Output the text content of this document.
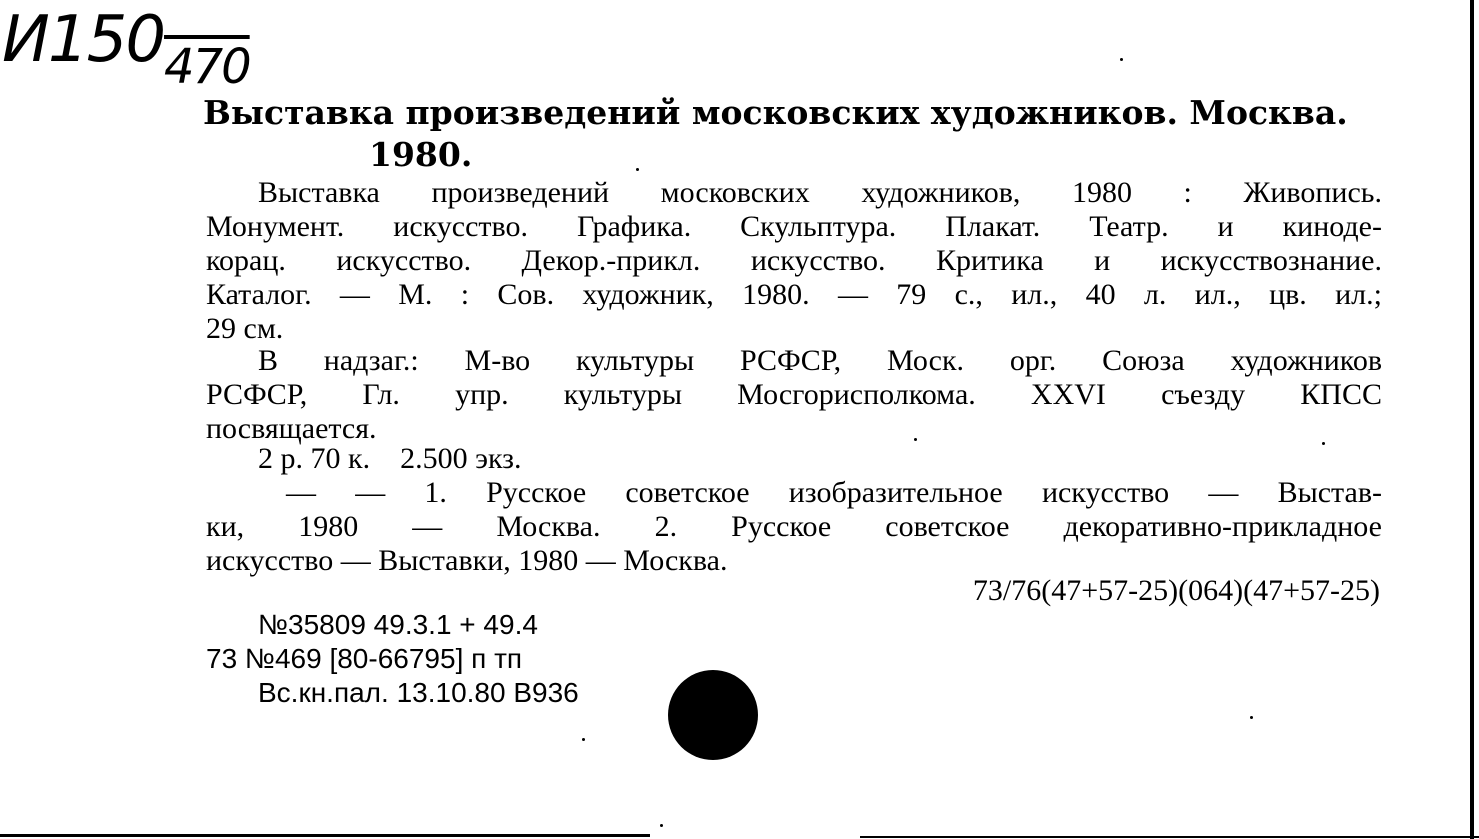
$И150_{470}$
Выставка произведений московских художников. Москва.
1980.
Выставка произведений московских художников, 1980 : Живопись.
Монумент. искусство. Графика. Скульптура. Плакат. Театр. и киноде-
корац. искусство. Декор.-прикл. искусство. Критика и искусствознание.
Каталог. — М. : Сов. художник, 1980. — 79 с., ил., 40 л. ил., цв. ил.;
29 см.
В надзаг.: М-во культуры РСФСР, Моск. орг. Союза художников
РСФСР, Гл. упр. культуры Мосгорисполкома. XXVI съезду КПСС
посвящается.
2 р. 70 к.    2.500 экз.
— — 1. Русское советское изобразительное искусство — Выстав-
ки, 1980 — Москва. 2. Русское советское декоративно-прикладное
искусство — Выставки, 1980 — Москва.
73/76(47+57-25)(064)(47+57-25)
№35809 49.3.1 + 49.4
73 №469 [80-66795] п тп
Вс.кн.пал. 13.10.80 В936
